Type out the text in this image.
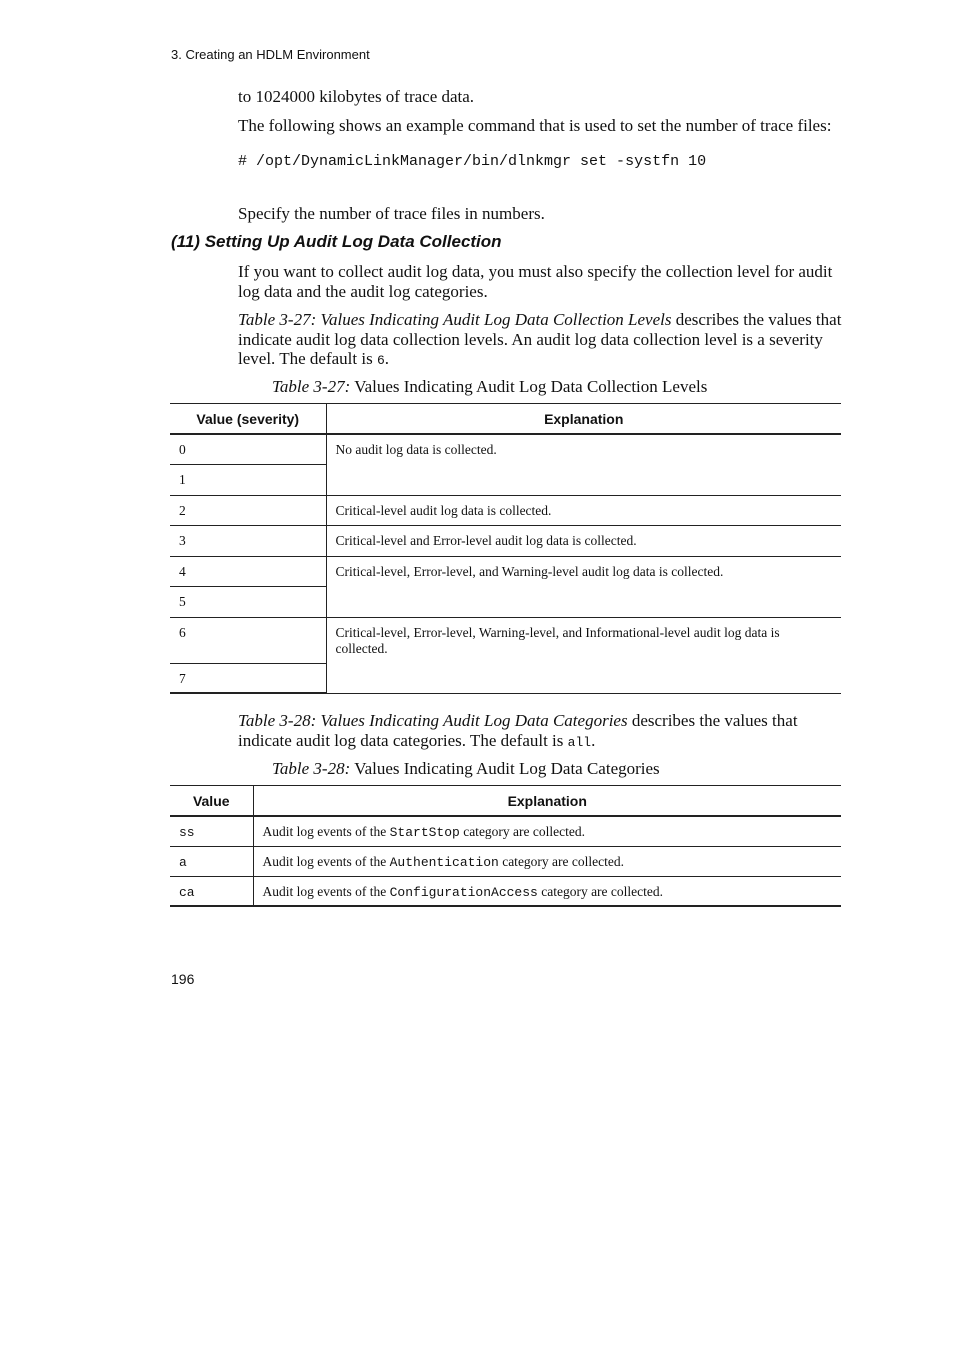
3. Creating an HDLM Environment
to 1024000 kilobytes of trace data.
The following shows an example command that is used to set the number of trace files:
# /opt/DynamicLinkManager/bin/dlnkmgr set -systfn 10
Specify the number of trace files in numbers.
(11) Setting Up Audit Log Data Collection
If you want to collect audit log data, you must also specify the collection level for audit log data and the audit log categories.
Table 3-27: Values Indicating Audit Log Data Collection Levels describes the values that indicate audit log data collection levels. An audit log data collection level is a severity level. The default is 6.
Table 3-27: Values Indicating Audit Log Data Collection Levels
Value (severity)	Explanation
0	No audit log data is collected.
1	
2	Critical-level audit log data is collected.
3	Critical-level and Error-level audit log data is collected.
4	Critical-level, Error-level, and Warning-level audit log data is collected.
5	
6	Critical-level, Error-level, Warning-level, and Informational-level audit log data is collected.
7	
Table 3-28: Values Indicating Audit Log Data Categories describes the values that indicate audit log data categories. The default is all.
Table 3-28: Values Indicating Audit Log Data Categories
Value	Explanation
ss	Audit log events of the StartStop category are collected.
a	Audit log events of the Authentication category are collected.
ca	Audit log events of the ConfigurationAccess category are collected.
196
